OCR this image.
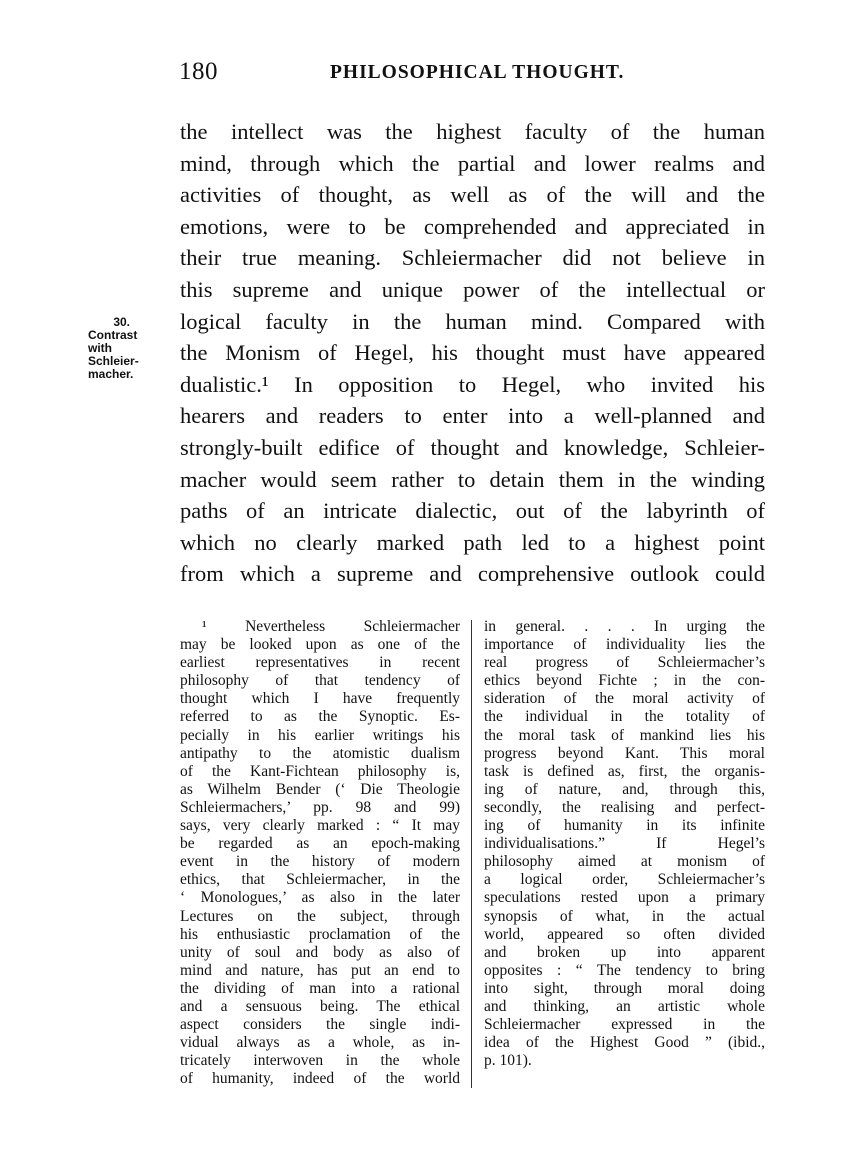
180	PHILOSOPHICAL THOUGHT.
30.
Contrast
with
Schleier-
macher.
the intellect was the highest faculty of the human
mind, through which the partial and lower realms and
activities of thought, as well as of the will and the
emotions, were to be comprehended and appreciated in
their true meaning. Schleiermacher did not believe in
this supreme and unique power of the intellectual or
logical faculty in the human mind. Compared with
the Monism of Hegel, his thought must have appeared
dualistic.¹ In opposition to Hegel, who invited his
hearers and readers to enter into a well-planned and
strongly-built edifice of thought and knowledge, Schleier-
macher would seem rather to detain them in the winding
paths of an intricate dialectic, out of the labyrinth of
which no clearly marked path led to a highest point
from which a supreme and comprehensive outlook could
¹ Nevertheless Schleiermacher
may be looked upon as one of the
earliest representatives in recent
philosophy of that tendency of
thought which I have frequently
referred to as the Synoptic. Es-
pecially in his earlier writings his
antipathy to the atomistic dualism
of the Kant-Fichtean philosophy is,
as Wilhelm Bender (‘ Die Theologie
Schleiermachers,’ pp. 98 and 99)
says, very clearly marked : “ It may
be regarded as an epoch-making
event in the history of modern
ethics, that Schleiermacher, in the
‘ Monologues,’ as also in the later
Lectures on the subject, through
his enthusiastic proclamation of the
unity of soul and body as also of
mind and nature, has put an end to
the dividing of man into a rational
and a sensuous being. The ethical
aspect considers the single indi-
vidual always as a whole, as in-
tricately interwoven in the whole
of humanity, indeed of the world
in general. . . . In urging the
importance of individuality lies the
real progress of Schleiermacher’s
ethics beyond Fichte ; in the con-
sideration of the moral activity of
the individual in the totality of
the moral task of mankind lies his
progress beyond Kant. This moral
task is defined as, first, the organis-
ing of nature, and, through this,
secondly, the realising and perfect-
ing of humanity in its infinite
individualisations.” If Hegel’s
philosophy aimed at monism of
a logical order, Schleiermacher’s
speculations rested upon a primary
synopsis of what, in the actual
world, appeared so often divided
and broken up into apparent
opposites : “ The tendency to bring
into sight, through moral doing
and thinking, an artistic whole
Schleiermacher expressed in the
idea of the Highest Good ” (ibid.,
p. 101).
